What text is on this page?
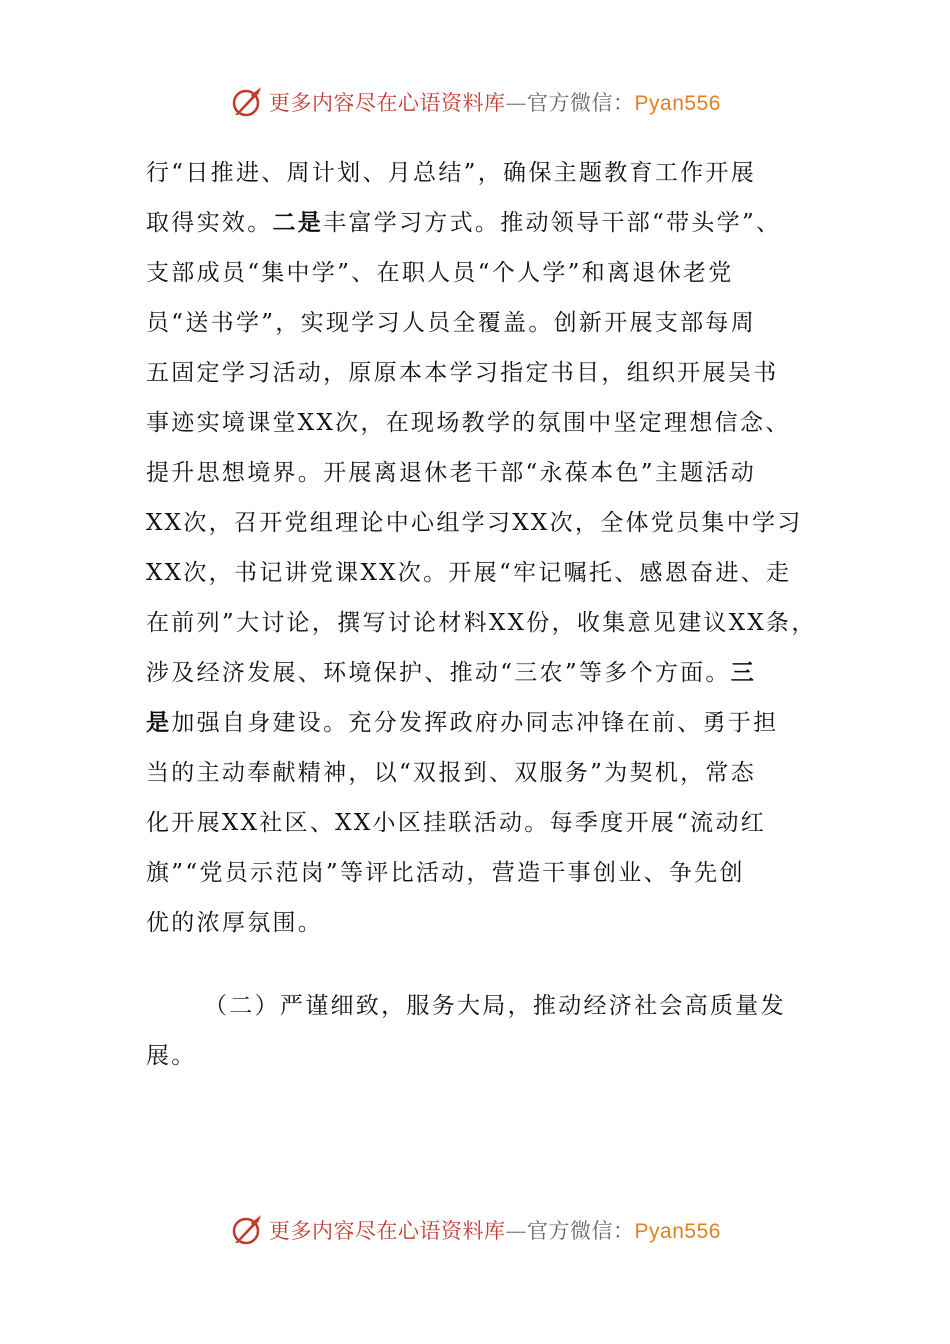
更多内容尽在心语资料库—官方微信：Pyan556
行“日推进、周计划、月总结”，确保主题教育工作开展
取得实效。二是丰富学习方式。推动领导干部“带头学”、
支部成员“集中学”、在职人员“个人学”和离退休老党
员“送书学”，实现学习人员全覆盖。创新开展支部每周
五固定学习活动，原原本本学习指定书目，组织开展吴书
事迹实境课堂XX次，在现场教学的氛围中坚定理想信念、
提升思想境界。开展离退休老干部“永葆本色”主题活动
XX次，召开党组理论中心组学习XX次，全体党员集中学习
XX次，书记讲党课XX次。开展“牢记嘱托、感恩奋进、走
在前列”大讨论，撰写讨论材料XX份，收集意见建议XX条，
涉及经济发展、环境保护、推动“三农”等多个方面。三
是加强自身建设。充分发挥政府办同志冲锋在前、勇于担
当的主动奉献精神，以“双报到、双服务”为契机，常态
化开展XX社区、XX小区挂联活动。每季度开展“流动红
旗”“党员示范岗”等评比活动，营造干事创业、争先创
优的浓厚氛围。
（二）严谨细致，服务大局，推动经济社会高质量发
展。
更多内容尽在心语资料库—官方微信：Pyan556
